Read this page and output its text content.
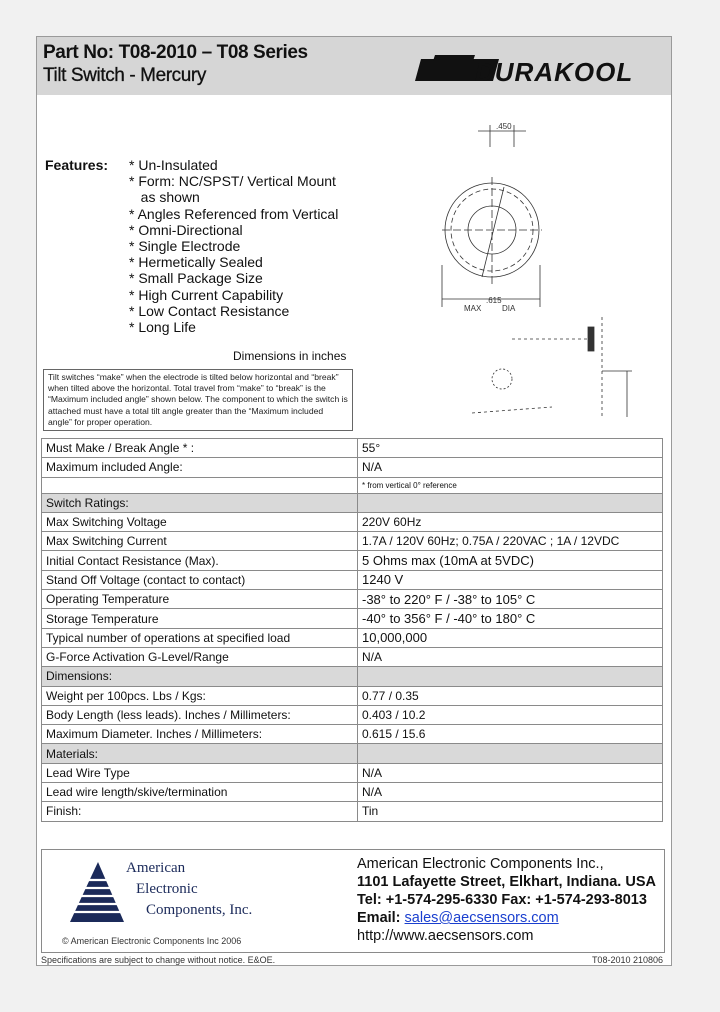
Part No: T08-2010 – T08 Series
Tilt Switch - Mercury	DURAKOOL
Features: * Un-Insulated
* Form: NC/SPST/ Vertical Mount
as shown
* Angles Referenced from Vertical
* Omni-Directional
* Single Electrode
* Hermetically Sealed
* Small Package Size
* High Current Capability
* Low Contact Resistance
* Long Life
.450
MAX
.615
DIA
Dimensions in inches
Tilt switches “make” when the electrode is tilted below horizontal and “break” when tilted above the horizontal. Total travel from “make” to “break” is the “Maximum included angle” shown below. The component to which the switch is attached must have a total tilt angle greater than the “Maximum included angle” for proper operation.
Must Make / Break Angle * :	55°
Maximum included Angle:	N/A
	* from vertical 0° reference
Switch Ratings:	
Max Switching Voltage	220V 60Hz
Max Switching Current	1.7A / 120V 60Hz; 0.75A / 220VAC ; 1A / 12VDC
Initial Contact Resistance (Max).	5 Ohms max (10mA at 5VDC)
Stand Off Voltage (contact to contact)	1240 V
Operating Temperature	-38° to 220° F / -38° to 105° C
Storage Temperature	-40° to 356° F / -40° to 180° C
Typical number of operations at specified load	10,000,000
G-Force Activation G-Level/Range	N/A
Dimensions:	
Weight per 100pcs. Lbs / Kgs:	0.77 / 0.35
Body Length (less leads). Inches / Millimeters:	0.403 / 10.2
Maximum Diameter. Inches / Millimeters:	0.615 / 15.6
Materials:	
Lead Wire Type	N/A
Lead wire length/skive/termination	N/A
Finish:	Tin
American
Electronic
Components, Inc.
© American Electronic Components Inc 2006
American Electronic Components Inc.,
1101 Lafayette Street, Elkhart, Indiana. USA
Tel: +1-574-295-6330 Fax: +1-574-293-8013
Email: sales@aecsensors.com
http://www.aecsensors.com
Specifications are subject to change without notice. E&OE.	T08-2010 210806
